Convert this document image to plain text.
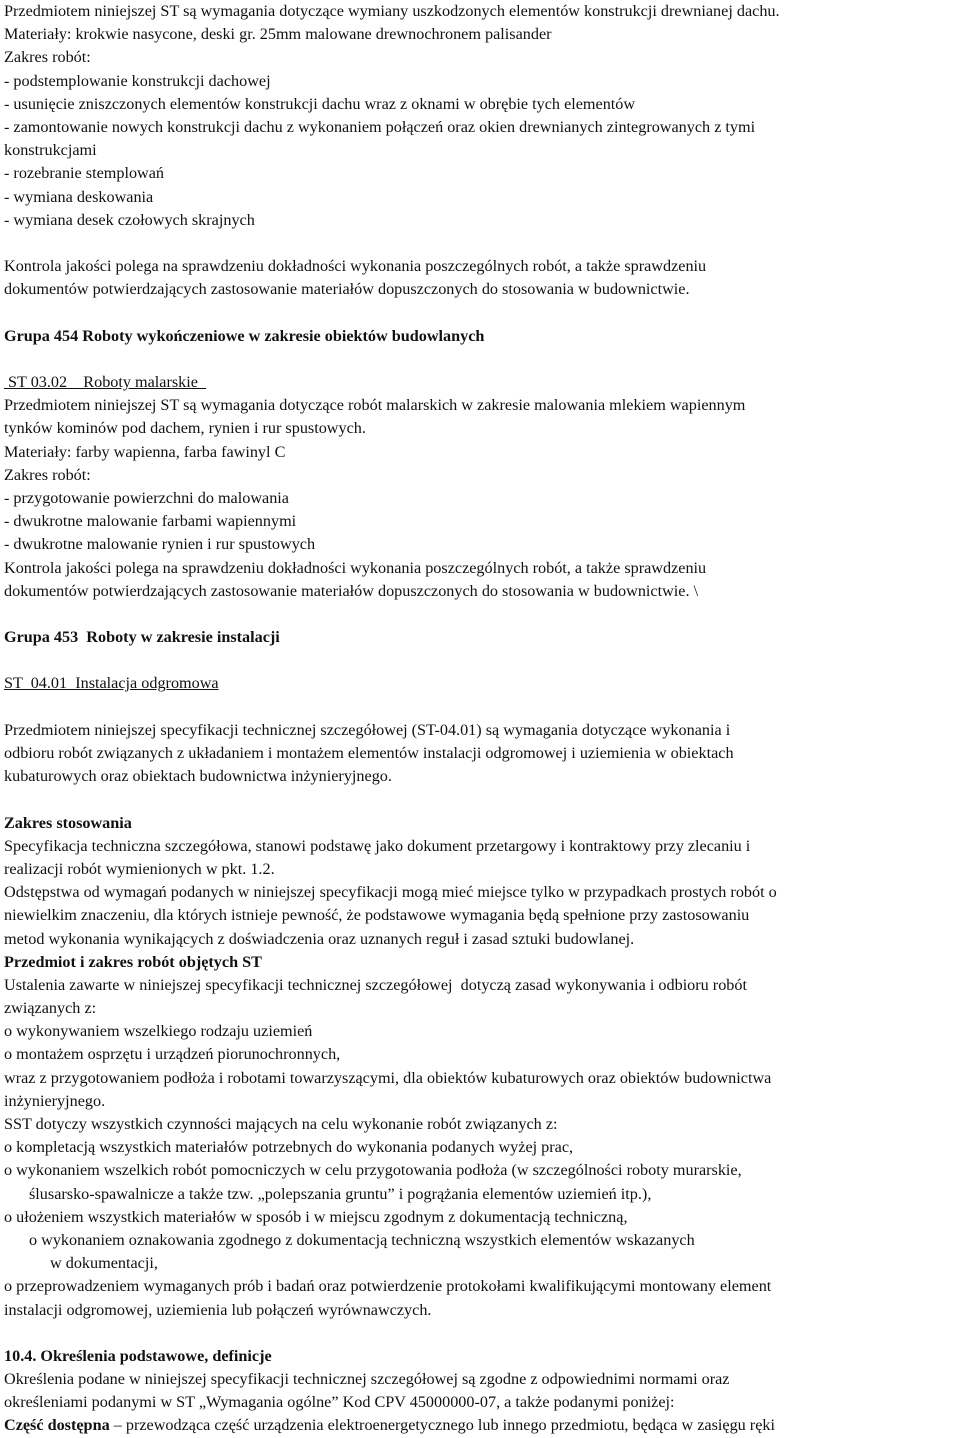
Przedmiotem niniejszej ST są wymagania dotyczące wymiany uszkodzonych elementów konstrukcji drewnianej dachu.
Materiały: krokwie nasycone, deski gr. 25mm malowane drewnochronem palisander
Zakres robót:
- podstemplowanie konstrukcji dachowej
- usunięcie zniszczonych elementów konstrukcji dachu wraz z oknami w obrębie tych elementów
- zamontowanie nowych konstrukcji dachu z wykonaniem połączeń oraz okien drewnianych zintegrowanych z tymi
konstrukcjami
- rozebranie stemplowań
- wymiana deskowania
- wymiana desek czołowych skrajnych
Kontrola jakości polega na sprawdzeniu dokładności wykonania poszczególnych robót, a także sprawdzeniu
dokumentów potwierdzających zastosowanie materiałów dopuszczonych do stosowania w budownictwie.
Grupa 454 Roboty wykończeniowe w zakresie obiektów budowlanych
ST 03.02    Roboty malarskie
Przedmiotem niniejszej ST są wymagania dotyczące robót malarskich w zakresie malowania mlekiem wapiennym
tynków kominów pod dachem, rynien i rur spustowych.
Materiały: farby wapienna, farba fawinyl C
Zakres robót:
- przygotowanie powierzchni do malowania
- dwukrotne malowanie farbami wapiennymi
- dwukrotne malowanie rynien i rur spustowych
Kontrola jakości polega na sprawdzeniu dokładności wykonania poszczególnych robót, a także sprawdzeniu
dokumentów potwierdzających zastosowanie materiałów dopuszczonych do stosowania w budownictwie. \
Grupa 453  Roboty w zakresie instalacji
ST  04.01  Instalacja odgromowa
Przedmiotem niniejszej specyfikacji technicznej szczegółowej (ST-04.01) są wymagania dotyczące wykonania i
odbioru robót związanych z układaniem i montażem elementów instalacji odgromowej i uziemienia w obiektach
kubaturowych oraz obiektach budownictwa inżynieryjnego.
Zakres stosowania
Specyfikacja techniczna szczegółowa, stanowi podstawę jako dokument przetargowy i kontraktowy przy zlecaniu i
realizacji robót wymienionych w pkt. 1.2.
Odstępstwa od wymagań podanych w niniejszej specyfikacji mogą mieć miejsce tylko w przypadkach prostych robót o
niewielkim znaczeniu, dla których istnieje pewność, że podstawowe wymagania będą spełnione przy zastosowaniu
metod wykonania wynikających z doświadczenia oraz uznanych reguł i zasad sztuki budowlanej.
Przedmiot i zakres robót objętych ST
Ustalenia zawarte w niniejszej specyfikacji technicznej szczegółowej  dotyczą zasad wykonywania i odbioru robót
związanych z:
o wykonywaniem wszelkiego rodzaju uziemień
o montażem osprzętu i urządzeń piorunochronnych,
wraz z przygotowaniem podłoża i robotami towarzyszącymi, dla obiektów kubaturowych oraz obiektów budownictwa
inżynieryjnego.
SST dotyczy wszystkich czynności mających na celu wykonanie robót związanych z:
o kompletacją wszystkich materiałów potrzebnych do wykonania podanych wyżej prac,
o wykonaniem wszelkich robót pomocniczych w celu przygotowania podłoża (w szczególności roboty murarskie,
ślusarsko-spawalnicze a także tzw. „polepszania gruntu” i pogrążania elementów uziemień itp.),
o ułożeniem wszystkich materiałów w sposób i w miejscu zgodnym z dokumentacją techniczną,
o wykonaniem oznakowania zgodnego z dokumentacją techniczną wszystkich elementów wskazanych
w dokumentacji,
o przeprowadzeniem wymaganych prób i badań oraz potwierdzenie protokołami kwalifikującymi montowany element
instalacji odgromowej, uziemienia lub połączeń wyrównawczych.
10.4. Określenia podstawowe, definicje
Określenia podane w niniejszej specyfikacji technicznej szczegółowej są zgodne z odpowiednimi normami oraz
określeniami podanymi w ST „Wymagania ogólne” Kod CPV 45000000-07, a także podanymi poniżej:
Część dostępna – przewodząca część urządzenia elektroenergetycznego lub innego przedmiotu, będąca w zasięgu ręki
